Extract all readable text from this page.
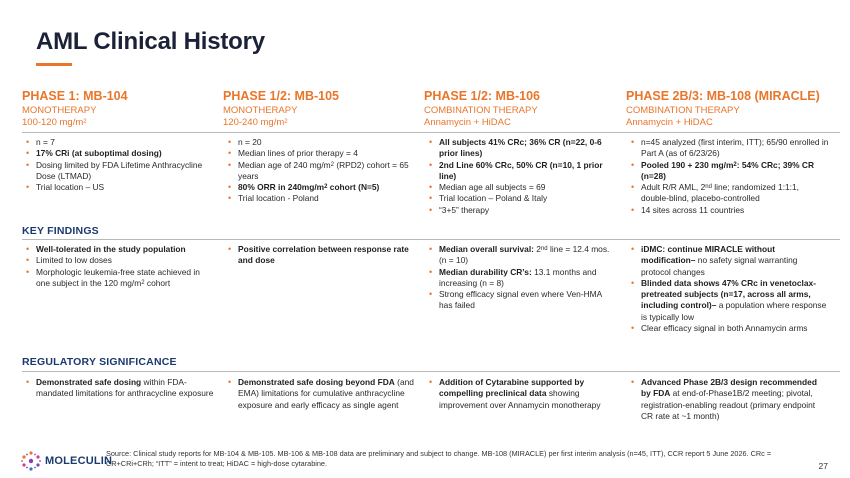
AML Clinical History
PHASE 1: MB-104
MONOTHERAPY
100-120 $mg/m^2$
PHASE 1/2: MB-105
MONOTHERAPY
120-240 $mg/m^2$
PHASE 1/2: MB-106
COMBINATION THERAPY
Annamycin + HiDAC
PHASE 2B/3: MB-108 (MIRACLE)
COMBINATION THERAPY
Annamycin + HiDAC
• n = 7
• 17% CRi (at suboptimal dosing)
• Dosing limited by FDA Lifetime Anthracycline Dose (LTMAD)
• Trial location – US
• n = 20
• Median lines of prior therapy = 4
• Median age of 240 $mg/m^2$ (RPD2) cohort = 65 years
• 80% ORR in $240mg/m^2$ cohort (N=5)
• Trial location - Poland
• All subjects 41% CRc; 36% CR (n=22, 0-6 prior lines)
• 2nd Line 60% CRc, 50% CR (n=10, 1 prior line)
• Median age all subjects = 69
• Trial location – Poland & Italy
• “3+5” therapy
• n=45 analyzed (first interim, ITT); 65/90 enrolled in Part A (as of 6/23/26)
• Pooled 190 + 230 $mg/m^2$: 54% CRc; 39% CR (n=28)
• Adult R/R AML, 2nd line; randomized 1:1:1, double-blind, placebo-controlled
• 14 sites across 11 countries
KEY FINDINGS
• Well-tolerated in the study population
• Limited to low doses
• Morphologic leukemia-free state achieved in one subject in the 120 $mg/m^2$ cohort
• Positive correlation between response rate and dose
• Median overall survival: 2nd line = 12.4 mos. (n = 10)
• Median durability CR’s: 13.1 months and increasing (n = 8)
• Strong efficacy signal even where Ven-HMA has failed
• iDMC: continue MIRACLE without modification– no safety signal warranting protocol changes
• Blinded data shows 47% CRc in venetoclax-pretreated subjects (n=17, across all arms, including control)– a population where response is typically low
• Clear efficacy signal in both Annamycin arms
REGULATORY SIGNIFICANCE
• Demonstrated safe dosing within FDA-mandated limitations for anthracycline exposure
• Demonstrated safe dosing beyond FDA (and EMA) limitations for cumulative anthracycline exposure and early efficacy as single agent
• Addition of Cytarabine supported by compelling preclinical data showing improvement over Annamycin monotherapy
• Advanced Phase 2B/3 design recommended by FDA at end-of-Phase1B/2 meeting; pivotal, registration-enabling readout (primary endpoint CR rate at ~1 month)
MOLECULIN
Source: Clinical study reports for MB-104 & MB-105. MB-106 & MB-108 data are preliminary and subject to change. MB-108 (MIRACLE) per first interim analysis (n=45, ITT), CCR report 5 June 2026. CRc = CR+CRi+CRh; “ITT” = intent to treat; HiDAC = high-dose cytarabine.	27
